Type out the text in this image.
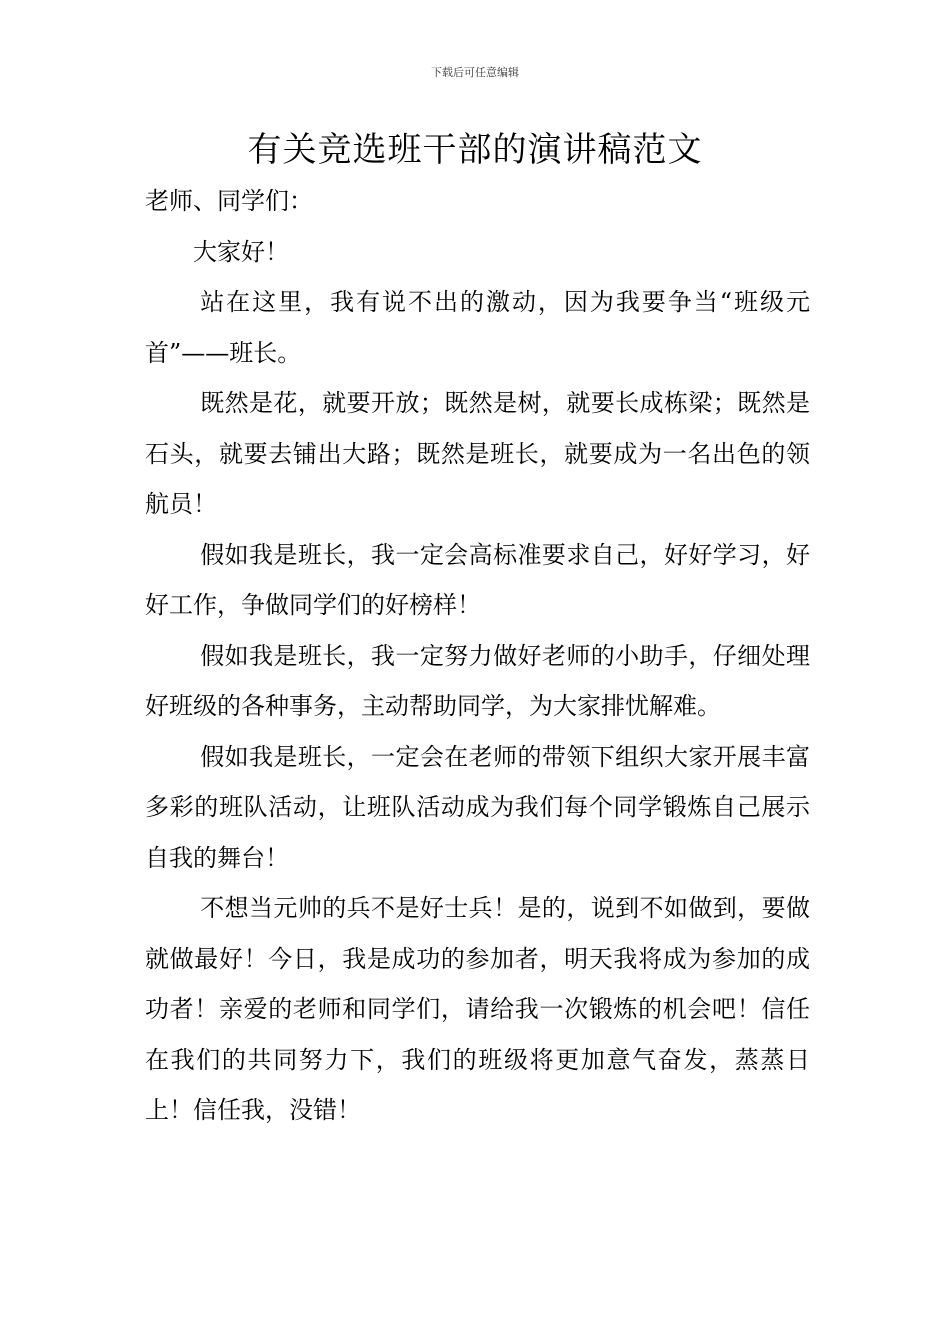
下载后可任意编辑
有关竞选班干部的演讲稿范文

老师、同学们：

大家好！

站在这里，我有说不出的激动，因为我要争当“班级元首”——班长。

既然是花，就要开放；既然是树，就要长成栋梁；既然是石头，就要去铺出大路；既然是班长，就要成为一名出色的领航员！

假如我是班长，我一定会高标准要求自己，好好学习，好好工作，争做同学们的好榜样！

假如我是班长，我一定努力做好老师的小助手，仔细处理好班级的各种事务，主动帮助同学，为大家排忧解难。

假如我是班长，一定会在老师的带领下组织大家开展丰富多彩的班队活动，让班队活动成为我们每个同学锻炼自己展示自我的舞台！

不想当元帅的兵不是好士兵！是的，说到不如做到，要做就做最好！今日，我是成功的参加者，明天我将成为参加的成功者！亲爱的老师和同学们，请给我一次锻炼的机会吧！信任在我们的共同努力下，我们的班级将更加意气奋发，蒸蒸日上！信任我，没错！
